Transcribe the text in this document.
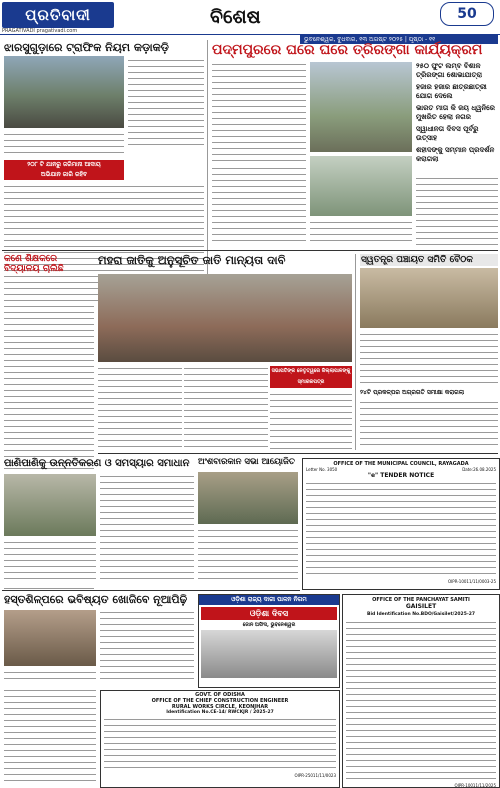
ପ୍ରତିବାଦୀ
PRAGATIVADI pragativadi.com
ବିଶେଷ	50
ଭୁବନେଶ୍ୱର, ବୁଧବାର, ୧୩ ଅଗଷ୍ଟ ୨୦୨୫ | ପୃଷ୍ଠା - ୧୧
ଝାରସୁଗୁଡ଼ାରେ ଟ୍ରାଫିକ ନିୟମ କଡ଼ାକଡ଼ି
୨୦୮ ଟି ଯାନରୁ ଜରିମାନା ଆଦାୟ
ଅଭିଯାନ ଜାରି ରହିବ
ପଦ୍ମପୁରରେ ଘରେ ଘରେ ତ୍ରିରଙ୍ଗା କାର୍ଯ୍ୟକ୍ରମ
୨୫୦ ଫୁଟ ଲମ୍ବ ବିଶାଳ ତ୍ରିରଙ୍ଗା ଶୋଭାଯାତ୍ରା
ହଜାର ହଜାର ଛାତ୍ରଛାତ୍ରୀ ଯୋଗ ଦେଲେ
ଭାରତ ମାତା କି ଜୟ ଧ୍ୱନିରେ ମୁଖରିତ ହେଲା ନଗର
ସ୍ୱାଧୀନତା ଦିବସ ପୂର୍ବରୁ ଉତ୍ସାହ
ଶହୀଦଙ୍କୁ ସମ୍ମାନ ପ୍ରଦର୍ଶନ କରାଗଲା
କଣେ ଶିକ୍ଷକରେ ବିଦ୍ୟାଳୟ ଚାଲିଛି
ମହରା ଜାତିକୁ ଅନୁସୂଚିତ ଜାତି ମାନ୍ୟତା ଦାବି
ସଭାପତିଙ୍କ ନେତୃତ୍ୱରେ ଜିଲ୍ଲାପାଳଙ୍କୁ ସ୍ମାରକପତ୍ର
ସ୍ୱତନ୍ତ୍ର ପଞ୍ଚାୟତ ସମିତି ବୈଠକ
୨୪ଟି ପ୍ରକଳ୍ପର ଅଗ୍ରଗତି ସମୀକ୍ଷା କରାଗଲା
ପାଣିପାଣିକୁ ଉନ୍ନତିକରଣ ଓ ସମସ୍ୟାର ସମାଧାନ	ଅଂଶବାରକାନ ସଭା ଆୟୋଜିତ	OFFICE OF THE MUNICIPAL COUNCIL, RAYAGADA
Letter No. 3050	Date:26.08.2025
"e" TENDER NOTICE
OIPR-10011/11/0003-25
ହସ୍ତଶିଳ୍ପରେ ଭବିଷ୍ୟତ ଖୋଜିବେ ନୂଆପିଢ଼ି	ଓଡ଼ିଶା ରାଜ୍ୟ ଦାରୀ ପାଳନ ନିଗମ
ଓଡ଼ିଶା ଦିବସ
ଜୋନ ଅଫିସ, ଭୁବନେଶ୍ୱର
GOVT. OF ODISHA
OFFICE OF THE CHIEF CONSTRUCTION ENGINEER
RURAL WORKS CIRCLE, KEONJHAR
Identification No.CE-14/ RWCKJR / 2025-27
OIPR-25011/11/0023
OFFICE OF THE PANCHAYAT SAMITI
GAISILET
Bid Identification No.BDO/Gaisilet/2025-27
OIPR-10011/11/2025
